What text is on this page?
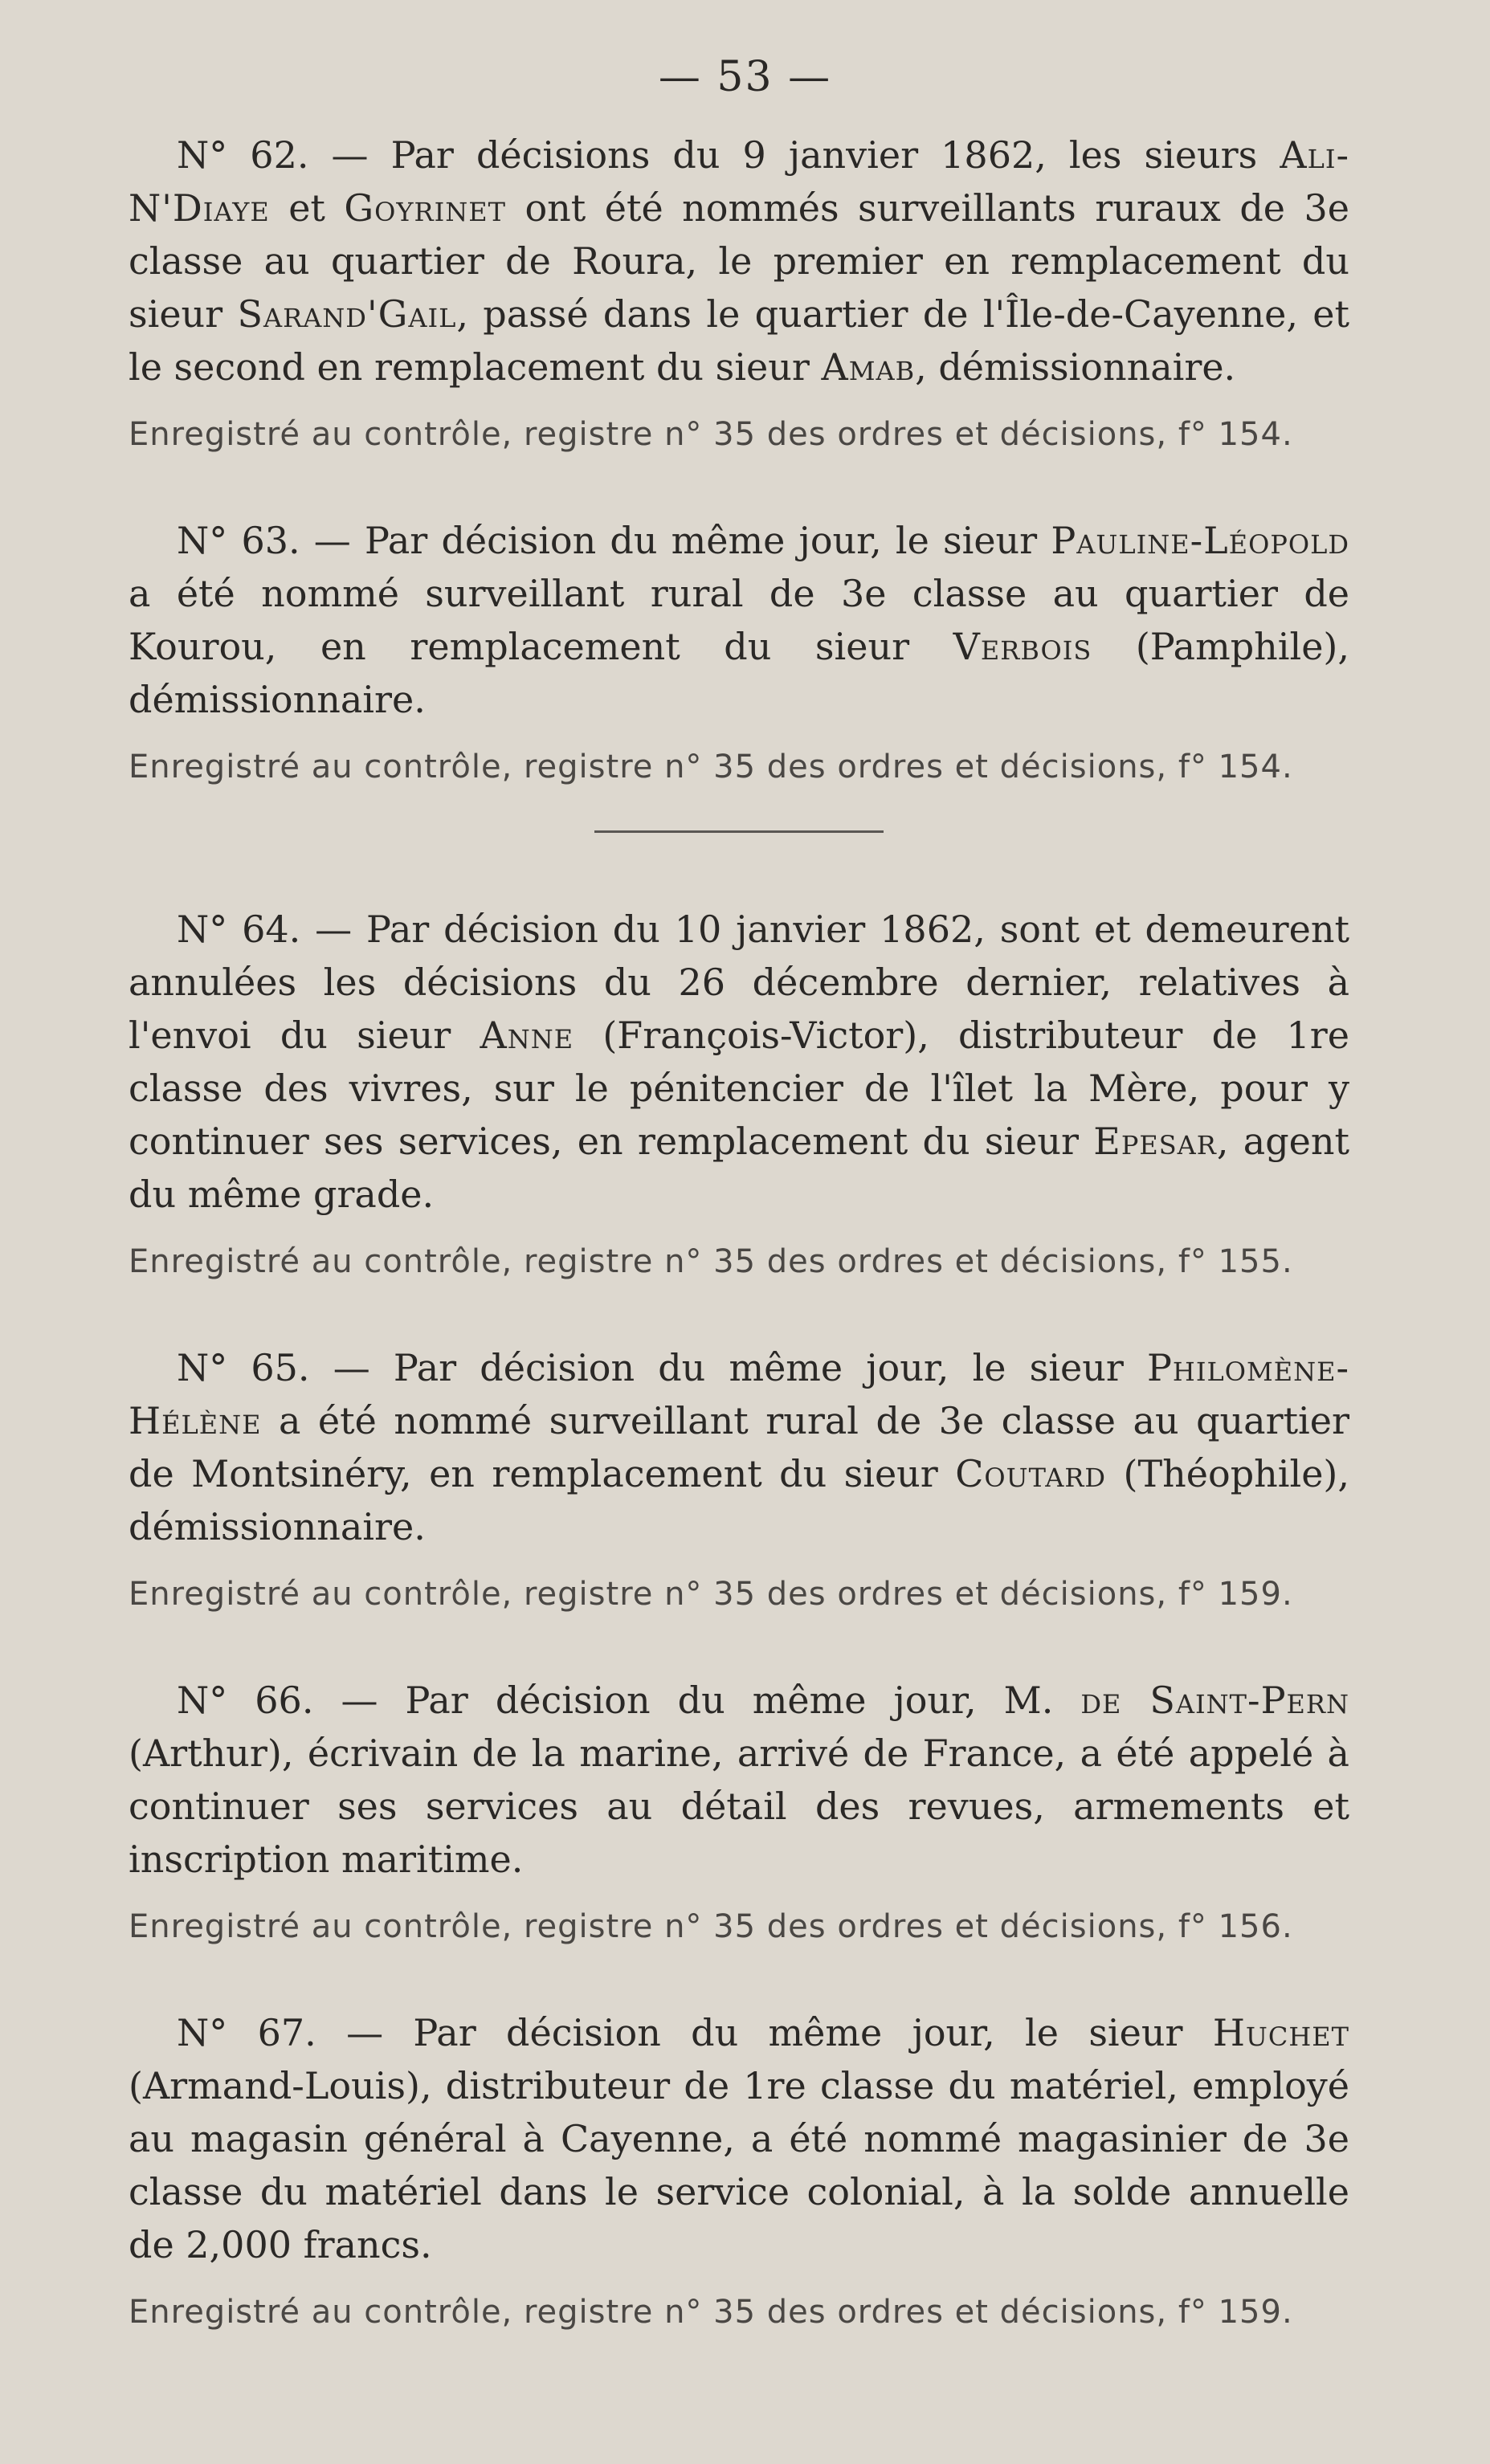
— 53 —

N° 62. — Par décisions du 9 janvier 1862, les sieurs Ali-N'Diaye et Goyrinet ont été nommés surveillants ruraux de 3e classe au quartier de Roura, le premier en remplacement du sieur Sarand'Gail, passé dans le quartier de l'Île-de-Cayenne, et le second en remplacement du sieur Amab, démissionnaire.

Enregistré au contrôle, registre n° 35 des ordres et décisions, f° 154.

N° 63. — Par décision du même jour, le sieur Pauline-Léopold a été nommé surveillant rural de 3e classe au quartier de Kourou, en remplacement du sieur Verbois (Pamphile), démissionnaire.

Enregistré au contrôle, registre n° 35 des ordres et décisions, f° 154.

N° 64. — Par décision du 10 janvier 1862, sont et demeurent annulées les décisions du 26 décembre dernier, relatives à l'envoi du sieur Anne (François-Victor), distributeur de 1re classe des vivres, sur le pénitencier de l'îlet la Mère, pour y continuer ses services, en remplacement du sieur Epesar, agent du même grade.

Enregistré au contrôle, registre n° 35 des ordres et décisions, f° 155.

N° 65. — Par décision du même jour, le sieur Philomène-Hélène a été nommé surveillant rural de 3e classe au quartier de Montsinéry, en remplacement du sieur Coutard (Théophile), démissionnaire.

Enregistré au contrôle, registre n° 35 des ordres et décisions, f° 159.

N° 66. — Par décision du même jour, M. de Saint-Pern (Arthur), écrivain de la marine, arrivé de France, a été appelé à continuer ses services au détail des revues, armements et inscription maritime.

Enregistré au contrôle, registre n° 35 des ordres et décisions, f° 156.

N° 67. — Par décision du même jour, le sieur Huchet (Armand-Louis), distributeur de 1re classe du matériel, employé au magasin général à Cayenne, a été nommé magasinier de 3e classe du matériel dans le service colonial, à la solde annuelle de 2,000 francs.

Enregistré au contrôle, registre n° 35 des ordres et décisions, f° 159.
